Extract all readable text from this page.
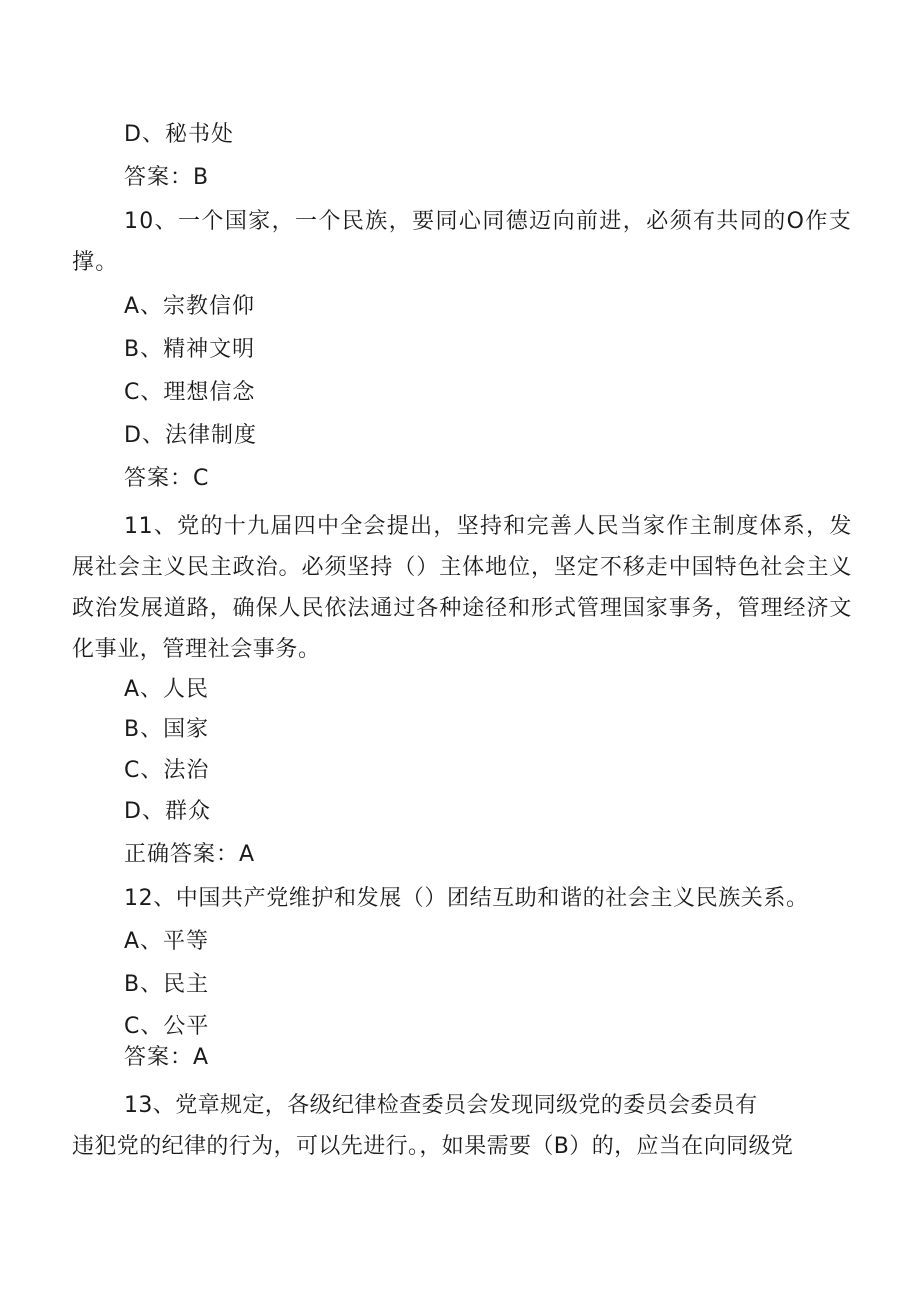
D、秘书处
答案：B
10、一个国家，一个民族，要同心同德迈向前进，必须有共同的O作支撑。
A、宗教信仰
B、精神文明
C、理想信念
D、法律制度
答案：C
11、党的十九届四中全会提出，坚持和完善人民当家作主制度体系，发展社会主义民主政治。必须坚持（）主体地位，坚定不移走中国特色社会主义政治发展道路，确保人民依法通过各种途径和形式管理国家事务，管理经济文化事业，管理社会事务。
A、人民
B、国家
C、法治
D、群众
正确答案：A
12、中国共产党维护和发展（）团结互助和谐的社会主义民族关系。
A、平等
B、民主
C、公平
答案：A
13、党章规定，各级纪律检查委员会发现同级党的委员会委员有
违犯党的纪律的行为，可以先进行。，如果需要（B）的，应当在向同级党
